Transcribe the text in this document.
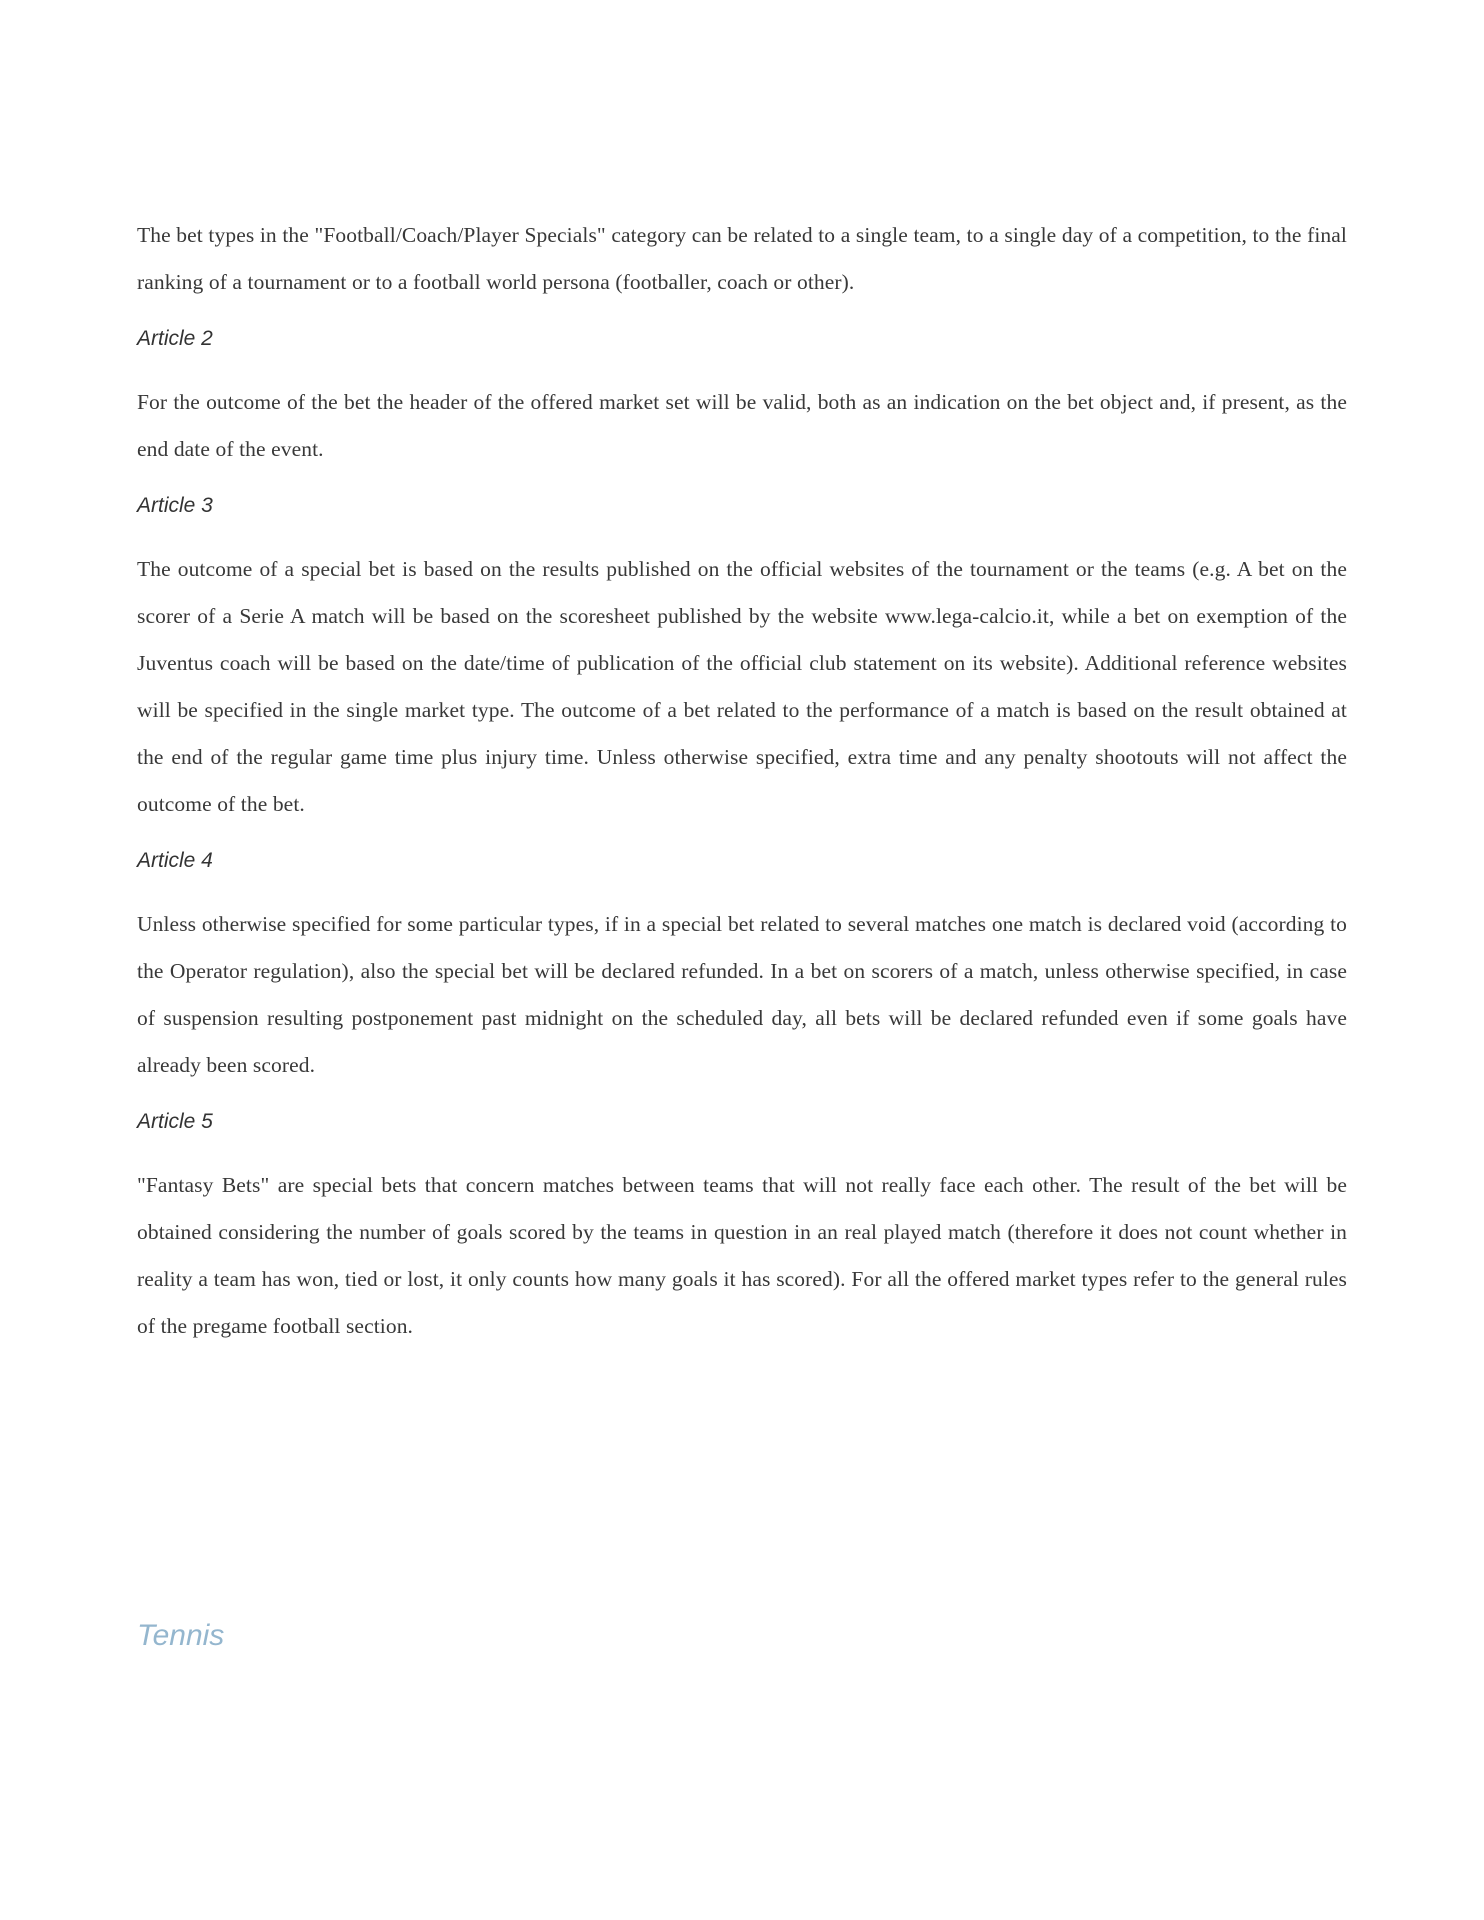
The bet types in the "Football/Coach/Player Specials" category can be related to a single team, to a single day of a competition, to the final ranking of a tournament or to a football world persona (footballer, coach or other).

Article 2

For the outcome of the bet the header of the offered market set will be valid, both as an indication on the bet object and, if present, as the end date of the event.

Article 3

The outcome of a special bet is based on the results published on the official websites of the tournament or the teams (e.g. A bet on the scorer of a Serie A match will be based on the scoresheet published by the website www.lega-calcio.it, while a bet on exemption of the Juventus coach will be based on the date/time of publication of the official club statement on its website). Additional reference websites will be specified in the single market type. The outcome of a bet related to the performance of a match is based on the result obtained at the end of the regular game time plus injury time. Unless otherwise specified, extra time and any penalty shootouts will not affect the outcome of the bet.

Article 4

Unless otherwise specified for some particular types, if in a special bet related to several matches one match is declared void (according to the Operator regulation), also the special bet will be declared refunded. In a bet on scorers of a match, unless otherwise specified, in case of suspension resulting postponement past midnight on the scheduled day, all bets will be declared refunded even if some goals have already been scored.

Article 5

"Fantasy Bets" are special bets that concern matches between teams that will not really face each other. The result of the bet will be obtained considering the number of goals scored by the teams in question in an real played match (therefore it does not count whether in reality a team has won, tied or lost, it only counts how many goals it has scored). For all the offered market types refer to the general rules of the pregame football section.

Tennis
